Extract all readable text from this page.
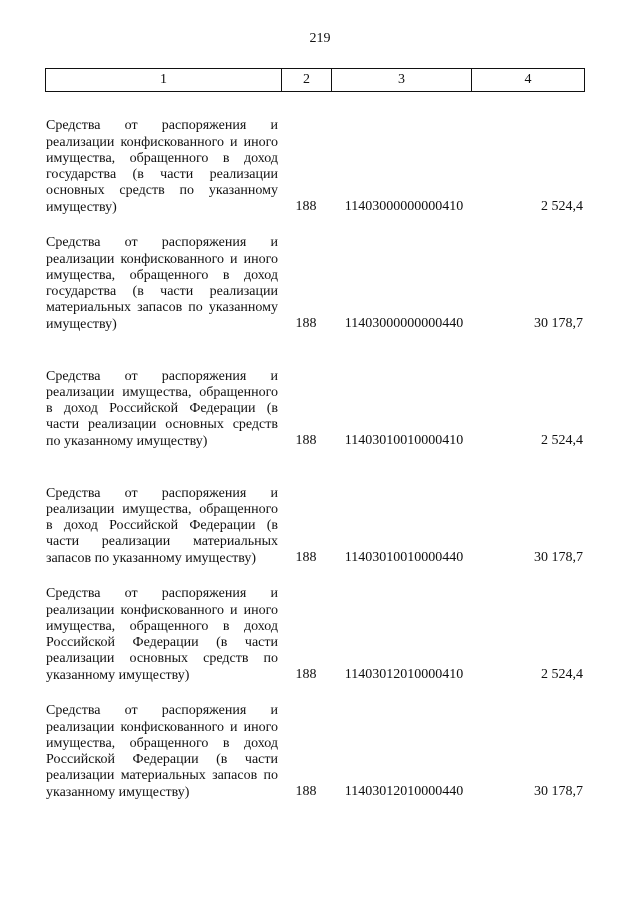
219
1	2	3	4
Средства от распоряжения и реализации конфискованного и иного имущества, обращенного в доход государства (в части реализации основных средств по указанному имуществу)	188	11403000000000410	2 524,4
Средства от распоряжения и реализации конфискованного и иного имущества, обращенного в доход государства (в части реализации материальных запасов по указанному имуществу)	188	11403000000000440	30 178,7
Средства от распоряжения и реализации имущества, обращенного в доход Российской Федерации (в части реализации основных средств по указанному имуществу)	188	11403010010000410	2 524,4
Средства от распоряжения и реализации имущества, обращенного в доход Российской Федерации (в части реализации материальных запасов по указанному имуществу)	188	11403010010000440	30 178,7
Средства от распоряжения и реализации конфискованного и иного имущества, обращенного в доход Российской Федерации (в части реализации основных средств по указанному имуществу)	188	11403012010000410	2 524,4
Средства от распоряжения и реализации конфискованного и иного имущества, обращенного в доход Российской Федерации (в части реализации материальных запасов по указанному имуществу)	188	11403012010000440	30 178,7
